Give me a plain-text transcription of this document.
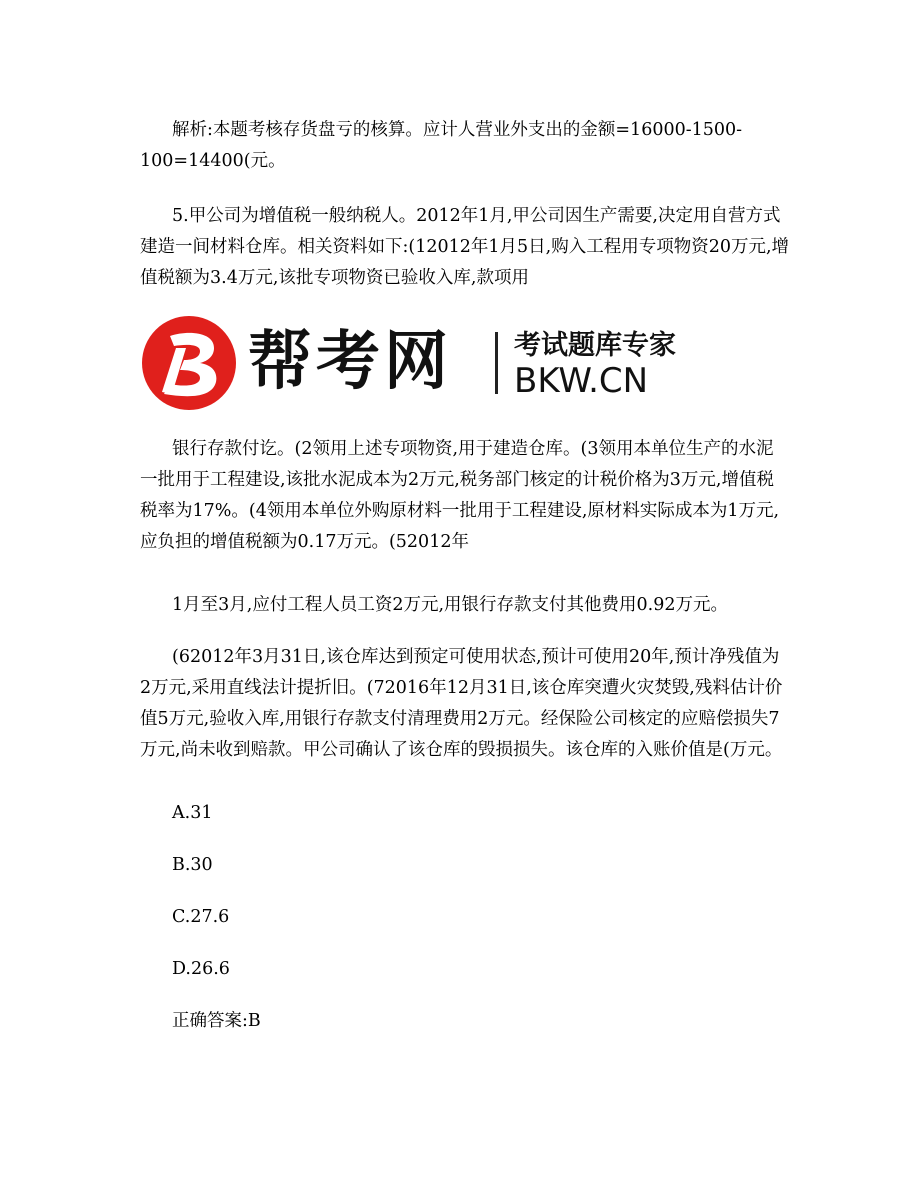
解析:本题考核存货盘亏的核算。应计人营业外支出的金额=16000-1500-

100=14400(元。

5.甲公司为增值税一般纳税人。2012年1月,甲公司因生产需要,决定用自营方式建造一间材料仓库。相关资料如下:(12012年1月5日,购入工程用专项物资20万元,增值税额为3.4万元,该批专项物资已验收入库,款项用

帮考网 考试题库专家
BKW.CN

银行存款付讫。(2领用上述专项物资,用于建造仓库。(3领用本单位生产的水泥一批用于工程建设,该批水泥成本为2万元,税务部门核定的计税价格为3万元,增值税税率为17%。(4领用本单位外购原材料一批用于工程建设,原材料实际成本为1万元,应负担的增值税额为0.17万元。(52012年

1月至3月,应付工程人员工资2万元,用银行存款支付其他费用0.92万元。

(62012年3月31日,该仓库达到预定可使用状态,预计可使用20年,预计净残值为2万元,采用直线法计提折旧。(72016年12月31日,该仓库突遭火灾焚毁,残料估计价值5万元,验收入库,用银行存款支付清理费用2万元。经保险公司核定的应赔偿损失7万元,尚未收到赔款。甲公司确认了该仓库的毁损损失。该仓库的入账价值是(万元。

A.31

B.30

C.27.6

D.26.6

正确答案:B
